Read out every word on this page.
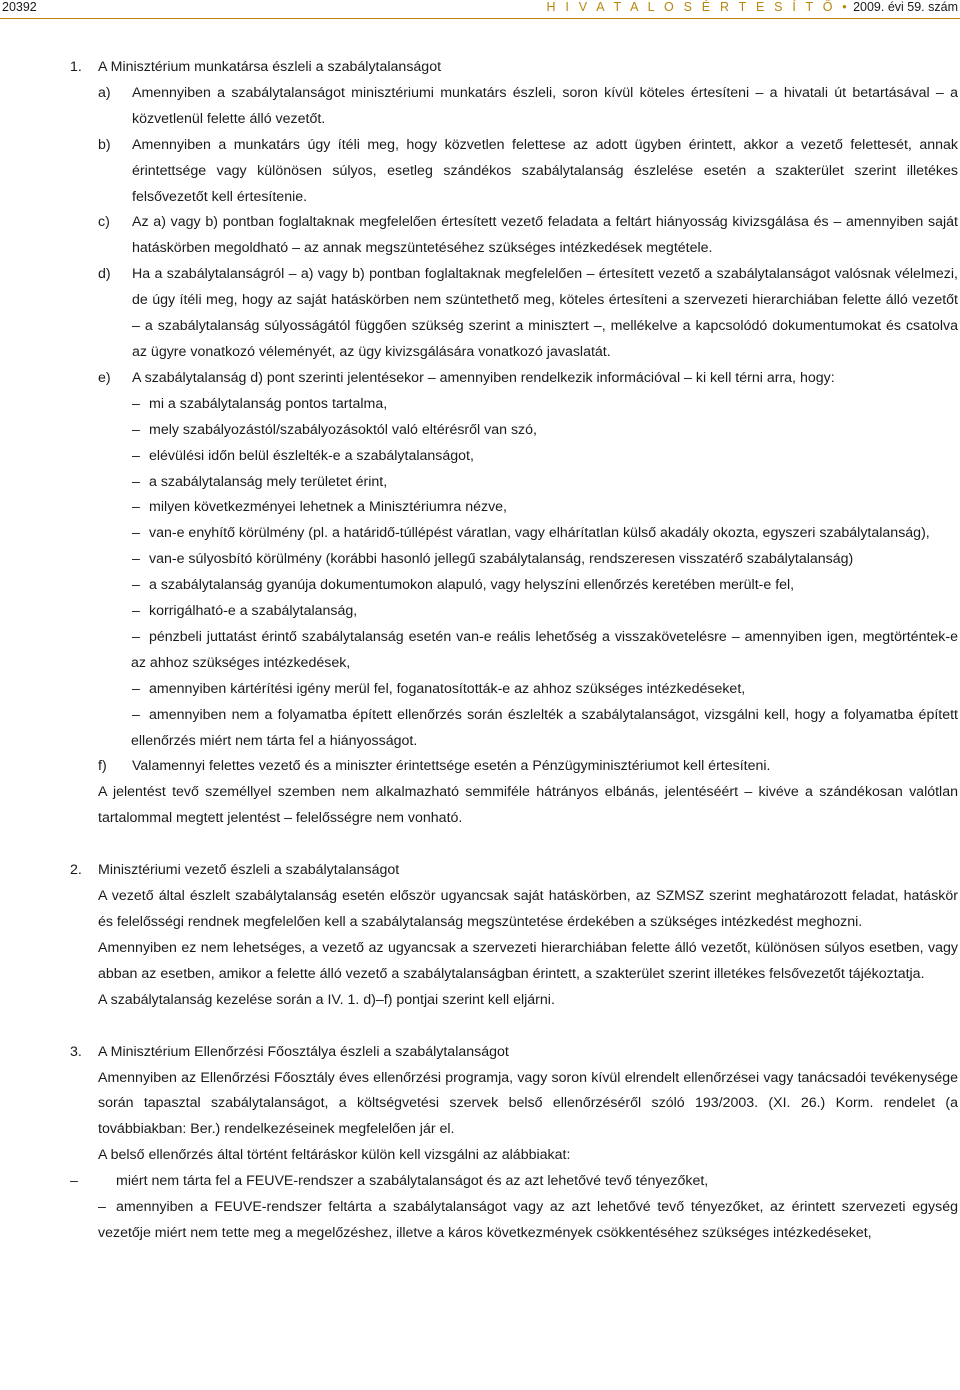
20392	H I V A T A L O S É R T E S Í T Ő • 2009. évi 59. szám
1. A Minisztérium munkatársa észleli a szabálytalanságot
a) Amennyiben a szabálytalanságot minisztériumi munkatárs észleli, soron kívül köteles értesíteni – a hivatali út betartásával – a közvetlenül felette álló vezetőt.
b) Amennyiben a munkatárs úgy ítéli meg, hogy közvetlen felettese az adott ügyben érintett, akkor a vezető felettesét, annak érintettsége vagy különösen súlyos, esetleg szándékos szabálytalanság észlelése esetén a szakterület szerint illetékes felsővezetőt kell értesítenie.
c) Az a) vagy b) pontban foglaltaknak megfelelően értesített vezető feladata a feltárt hiányosság kivizsgálása és – amennyiben saját hatáskörben megoldható – az annak megszüntetéséhez szükséges intézkedések megtétele.
d) Ha a szabálytalanságról – a) vagy b) pontban foglaltaknak megfelelően – értesített vezető a szabálytalanságot valósnak vélelmezi, de úgy ítéli meg, hogy az saját hatáskörben nem szüntethető meg, köteles értesíteni a szervezeti hierarchiában felette álló vezetőt – a szabálytalanság súlyosságától függően szükség szerint a minisztert –, mellékelve a kapcsolódó dokumentumokat és csatolva az ügyre vonatkozó véleményét, az ügy kivizsgálására vonatkozó javaslatát.
e) A szabálytalanság d) pont szerinti jelentésekor – amennyiben rendelkezik információval – ki kell térni arra, hogy:
– mi a szabálytalanság pontos tartalma,
– mely szabályozástól/szabályozásoktól való eltérésről van szó,
– elévülési időn belül észlelték-e a szabálytalanságot,
– a szabálytalanság mely területet érint,
– milyen következményei lehetnek a Minisztériumra nézve,
– van-e enyhítő körülmény (pl. a határidő-túllépést váratlan, vagy elhárítatlan külső akadály okozta, egyszeri szabálytalanság),
– van-e súlyosbító körülmény (korábbi hasonló jellegű szabálytalanság, rendszeresen visszatérő szabálytalanság)
– a szabálytalanság gyanúja dokumentumokon alapuló, vagy helyszíni ellenőrzés keretében merült-e fel,
– korrigálható-e a szabálytalanság,
– pénzbeli juttatást érintő szabálytalanság esetén van-e reális lehetőség a visszakövetelésre – amennyiben igen, megtörténtek-e az ahhoz szükséges intézkedések,
– amennyiben kártérítési igény merül fel, foganatosították-e az ahhoz szükséges intézkedéseket,
– amennyiben nem a folyamatba épített ellenőrzés során észlelték a szabálytalanságot, vizsgálni kell, hogy a folyamatba épített ellenőrzés miért nem tárta fel a hiányosságot.
f) Valamennyi felettes vezető és a miniszter érintettsége esetén a Pénzügyminisztériumot kell értesíteni.
A jelentést tevő személlyel szemben nem alkalmazható semmiféle hátrányos elbánás, jelentéséért – kivéve a szándékosan valótlan tartalommal megtett jelentést – felelősségre nem vonható.
2. Minisztériumi vezető észleli a szabálytalanságot
A vezető által észlelt szabálytalanság esetén először ugyancsak saját hatáskörben, az SZMSZ szerint meghatározott feladat, hatáskör és felelősségi rendnek megfelelően kell a szabálytalanság megszüntetése érdekében a szükséges intézkedést meghozni.
Amennyiben ez nem lehetséges, a vezető az ugyancsak a szervezeti hierarchiában felette álló vezetőt, különösen súlyos esetben, vagy abban az esetben, amikor a felette álló vezető a szabálytalanságban érintett, a szakterület szerint illetékes felsővezetőt tájékoztatja.
A szabálytalanság kezelése során a IV. 1. d)–f) pontjai szerint kell eljárni.
3. A Minisztérium Ellenőrzési Főosztálya észleli a szabálytalanságot
Amennyiben az Ellenőrzési Főosztály éves ellenőrzési programja, vagy soron kívül elrendelt ellenőrzései vagy tanácsadói tevékenysége során tapasztal szabálytalanságot, a költségvetési szervek belső ellenőrzéséről szóló 193/2003. (XI. 26.) Korm. rendelet (a továbbiakban: Ber.) rendelkezéseinek megfelelően jár el.
A belső ellenőrzés által történt feltáráskor külön kell vizsgálni az alábbiakat:
–	miért nem tárta fel a FEUVE-rendszer a szabálytalanságot és az azt lehetővé tevő tényezőket,
– amennyiben a FEUVE-rendszer feltárta a szabálytalanságot vagy az azt lehetővé tevő tényezőket, az érintett szervezeti egység vezetője miért nem tette meg a megelőzéshez, illetve a káros következmények csökkentéséhez szükséges intézkedéseket,
